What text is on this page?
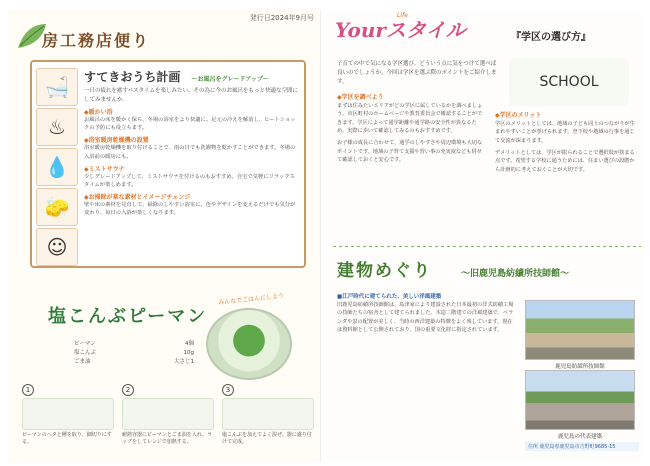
発行日2024年9月号
房工務店便り
🛁
♨
💧
🧽
☺
すてきおうち計画 ～お風呂をグレードアップ～
一日の疲れを癒すバスタイムを楽しみたい、その為に今のお風呂をもっと快適な空間にしてみませんか。
◆暖かい浴
お風呂の床を暖かく保ち、冬場の浴室をより快適に。足元の冷えを解消し、ヒートショックの予防にも役立ちます。
◆浴室暖房乾燥機の設置
浴室暖房乾燥機を取り付けることで、雨の日でも洗濯物を乾かすことができます。冬場の入浴前の暖房にも。
◆ミストサウナ
少しグレードアップして、ミストサウナを付けるのもおすすめ。自宅で気軽にリラックスタイムが楽しめます。
◆お掃除が楽な素材とイメージチェンジ
壁や床の素材を見直して、掃除のしやすい浴室に。色やデザインを変えるだけでも気分が変わり、毎日の入浴が楽しくなります。
塩こんぶピーマン
みんなでごはんにしよう
ピーマン	4個
塩こんぶ	10g
ごま油	大さじ1
1
ピーマンのヘタと種を取り、細切りにする。
2
耐熱容器にピーマンとごま油を入れ、ラップをしてレンジで加熱する。
3
塩こんぶを加えてよく混ぜ、器に盛り付けて完成。
Yourスタイル
Life
『学区の選び方』
子育ての中で気になる学区選び。どういう点に気をつけて選べば良いのでしょうか。今回は学区を選ぶ際のポイントをご紹介します。	SCHOOL
◆学区を調べよう
まずは住みたいエリアがどの学区に属しているかを調べましょう。市区町村のホームページや教育委員会で確認することができます。学区によって通学距離や通学路の安全性が異なるため、実際に歩いて確認してみるのもおすすめです。
お子様の成長に合わせて、通学のしやすさや周辺環境も大切なポイントです。地域の子育て支援や習い事の充実度なども併せて確認しておくと安心です。
◆学区のメリット
学区のメリットとしては、地域の子ども同士のつながりが生まれやすいことが挙げられます。登下校や地域の行事を通じて交流が深まります。
デメリットとしては、学区が限られることで選択肢が狭まる点です。希望する学校に通うためには、住まい選びの段階から計画的に考えておくことが大切です。
建物めぐり	～旧鹿児島紡績所技師館～
■江戸時代に建てられた、美しい洋風建築
旧鹿児島紡績所技師館は、島津家により建設された日本最初の洋式紡績工場の技師たちの宿舎として建てられました。木造二階建ての洋風建築で、ベランダや窓の配置が美しく、当時の西洋建築の特徴をよく残しています。現在は資料館として公開されており、国の重要文化財に指定されています。
鹿児島紡績所技師館
鹿児島の代表建築
住所 鹿児島県鹿児島市吉野町9685-15
